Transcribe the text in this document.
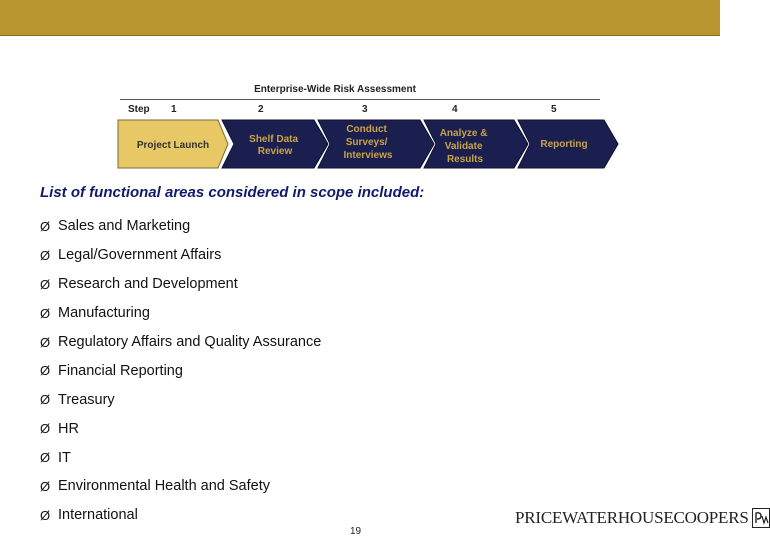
Enterprise-Wide Risk Assessment
Step 1	2	3	4	5
Project Launch
Shelf Data Review
Conduct Surveys/ Interviews
Analyze & Validate Results
Reporting
List of functional areas considered in scope included:
Ø Sales and Marketing
Ø Legal/Government Affairs
Ø Research and Development
Ø Manufacturing
Ø Regulatory Affairs and Quality Assurance
Ø Financial Reporting
Ø Treasury
Ø HR
Ø IT
Ø Environmental Health and Safety
Ø International
19
PRICEWATERHOUSECOOPERS
